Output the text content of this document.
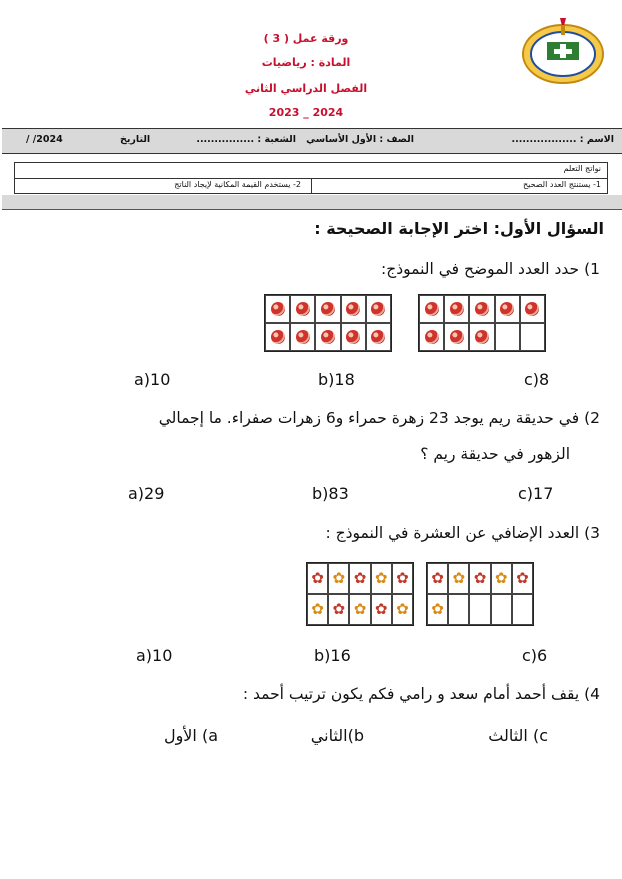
ورقة عمل ( 3 )
المادة : رياضيات
الفصل الدراسي الثاني
2023 _ 2024
الاسم : ..................
الصف : الأول الأساسي
الشعبة : ................
التاريخ
/ /2024
نواتج التعلم
1- يستنتج العدد الصحيح
2- يستخدم القيمة المكانية لإيجاد الناتج
السؤال الأول: اختر الإجابة الصحيحة :
1) حدد العدد الموضح في النموذج:
a)10	b)18	c)8
2) في حديقة ريم يوجد 23 زهرة حمراء و6 زهرات صفراء. ما إجمالي
الزهور في حديقة ريم ؟
a)29	b)83	c)17
3) العدد الإضافي عن العشرة في النموذج :
✿ ✿ ✿ ✿ ✿
✿ ✿ ✿ ✿ ✿
✿ ✿ ✿ ✿ ✿
✿
a)10	b)16	c)6
4) يقف أحمد أمام سعد و رامي فكم يكون ترتيب أحمد :
a) الأول	b)الثاني	c) الثالث
